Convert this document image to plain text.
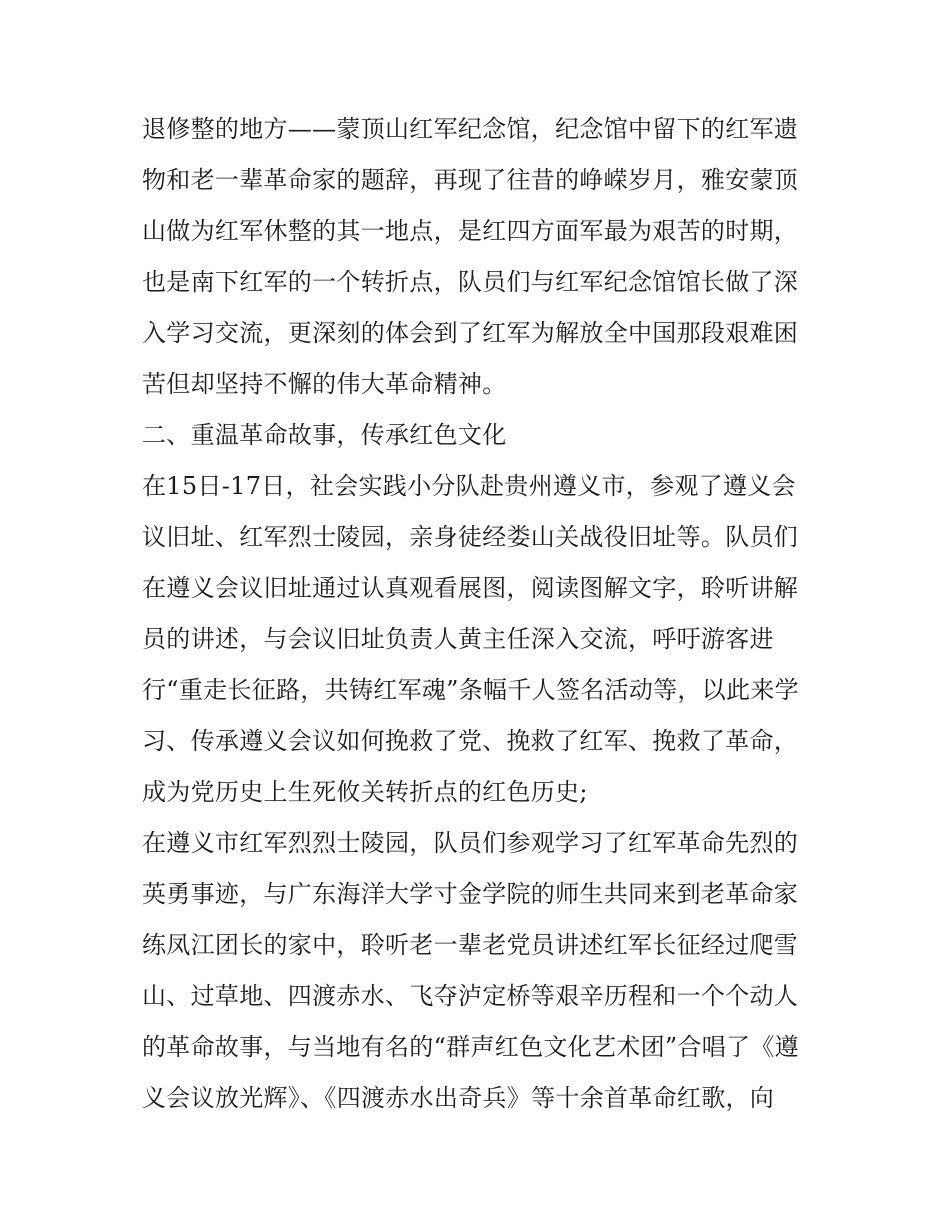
退修整的地方——蒙顶山红军纪念馆，纪念馆中留下的红军遗
物和老一辈革命家的题辞，再现了往昔的峥嵘岁月，雅安蒙顶
山做为红军休整的其一地点，是红四方面军最为艰苦的时期，
也是南下红军的一个转折点，队员们与红军纪念馆馆长做了深
入学习交流，更深刻的体会到了红军为解放全中国那段艰难困
苦但却坚持不懈的伟大革命精神。
二、重温革命故事，传承红色文化
在15日-17日，社会实践小分队赴贵州遵义市，参观了遵义会
议旧址、红军烈士陵园，亲身徒经娄山关战役旧址等。队员们
在遵义会议旧址通过认真观看展图，阅读图解文字，聆听讲解
员的讲述，与会议旧址负责人黄主任深入交流，呼吁游客进
行“重走长征路，共铸红军魂”条幅千人签名活动等，以此来学
习、传承遵义会议如何挽救了党、挽救了红军、挽救了革命，
成为党历史上生死攸关转折点的红色历史;
在遵义市红军烈烈士陵园，队员们参观学习了红军革命先烈的
英勇事迹，与广东海洋大学寸金学院的师生共同来到老革命家
练凤江团长的家中，聆听老一辈老党员讲述红军长征经过爬雪
山、过草地、四渡赤水、飞夺泸定桥等艰辛历程和一个个动人
的革命故事，与当地有名的“群声红色文化艺术团”合唱了《遵
义会议放光辉》、《四渡赤水出奇兵》等十余首革命红歌，向
